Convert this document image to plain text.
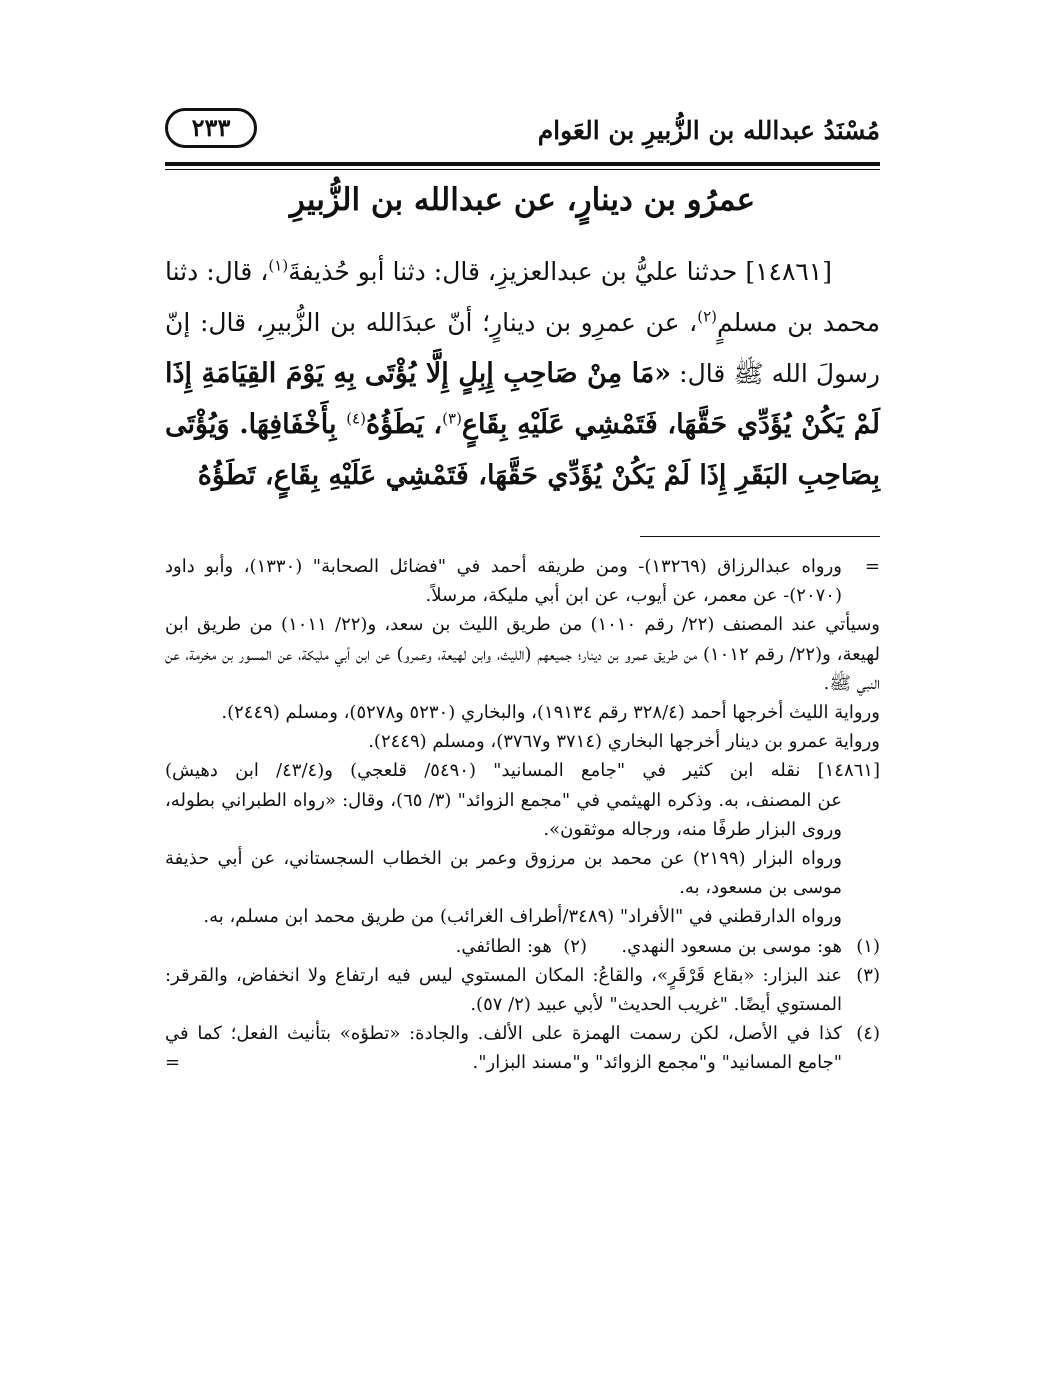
مُسْنَدُ عبدالله بن الزُّبيرِ بن العَوام
٢٣٣
عمرُو بن دينارٍ، عن عبدالله بن الزُّبيرِ
[١٤٨٦١] حدثنا عليُّ بن عبدالعزيزِ، قال: دثنا أبو حُذيفةَ$^{(١)}$، قال: دثنا محمد بن مسلمٍ$^{(٢)}$، عن عمرِو بن دينارٍ؛ أنّ عبدَالله بن الزُّبيرِ، قال: إنّ رسولَ الله ﷺ قال: «مَا مِنْ صَاحِبِ إِبِلٍ إِلَّا يُؤْتَى بِهِ يَوْمَ القِيَامَةِ إِذَا لَمْ يَكُنْ يُؤَدِّي حَقَّهَا، فَتَمْشِي عَلَيْهِ بِقَاعٍ$^{(٣)}$، يَطَؤُهُ$^{(٤)}$ بِأَخْفَافِهَا. وَيُؤْتَى بِصَاحِبِ البَقَرِ إِذَا لَمْ يَكُنْ يُؤَدِّي حَقَّهَا، فَتَمْشِي عَلَيْهِ بِقَاعٍ، تَطَؤُهُ
=
ورواه عبدالرزاق (١٣٢٦٩)- ومن طريقه أحمد في "فضائل الصحابة" (١٣٣٠)، وأبو داود (٢٠٧٠)- عن معمر، عن أيوب، عن ابن أبي مليكة، مرسلاً.
وسيأتي عند المصنف (٢٢/ رقم ١٠١٠) من طريق الليث بن سعد، و(٢٢/ ١٠١١) من طريق ابن لهيعة، و(٢٢/ رقم ١٠١٢) من طريق عمرو بن دينار؛ جميعهم (الليث، وابن لهيعة، وعمرو) عن ابن أبي مليكة، عن المسور بن مخرمة، عن النبي ﷺ.
ورواية الليث أخرجها أحمد (٣٢٨/٤ رقم ١٩١٣٤)، والبخاري (٥٢٣٠ و٥٢٧٨)، ومسلم (٢٤٤٩).
ورواية عمرو بن دينار أخرجها البخاري (٣٧١٤ و٣٧٦٧)، ومسلم (٢٤٤٩).
[١٤٨٦١] نقله ابن كثير في "جامع المسانيد" (٥٤٩٠/ قلعجي) و(٤٣/٤/ ابن دهيش)
عن المصنف، به. وذكره الهيثمي في "مجمع الزوائد" (٣/ ٦٥)، وقال: «رواه الطبراني بطوله، وروى البزار طرفًا منه، ورجاله موثقون».
ورواه البزار (٢١٩٩) عن محمد بن مرزوق وعمر بن الخطاب السجستاني، عن أبي حذيفة موسى بن مسعود، به.
ورواه الدارقطني في "الأفراد" (٣٤٨٩/أطراف الغرائب) من طريق محمد ابن مسلم، به.
(١)
هو: موسى بن مسعود النهدي.
(٢)

هو: الطائفي.
(٣)
عند البزار: «بقاع قَرْقَرٍ»، والقاعُ: المكان المستوي ليس فيه ارتفاع ولا انخفاض، والقرقر: المستوي أيضًا. "غريب الحديث" لأبي عبيد (٢/ ٥٧).
(٤)
كذا في الأصل، لكن رسمت الهمزة على الألف. والجادة: «تطؤه» بتأنيث الفعل؛ كما في "جامع المسانيد" و"مجمع الزوائد" و"مسند البزار".
=
